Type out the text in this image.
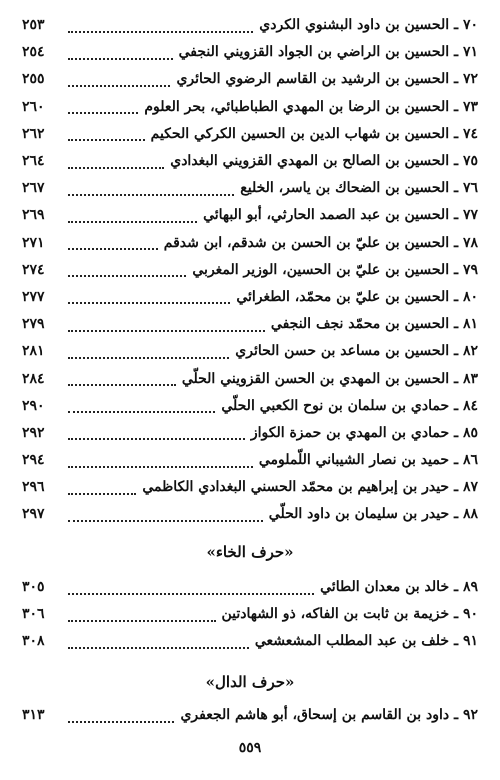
٧٠ ـ الحسين بن داود البشنوي الكردي
٢٥٣
٧١ ـ الحسين بن الراضي بن الجواد القزويني النجفي
٢٥٤
٧٢ ـ الحسين بن الرشيد بن القاسم الرضوي الحائري
٢٥٥
٧٣ ـ الحسين بن الرضا بن المهدي الطباطبائي، بحر العلوم
٢٦٠
٧٤ ـ الحسين بن شهاب الدين بن الحسين الكركي الحكيم
٢٦٢
٧٥ ـ الحسين بن الصالح بن المهدي القزويني البغدادي
٢٦٤
٧٦ ـ الحسين بن الضحاك بن ياسر، الخليع
٢٦٧
٧٧ ـ الحسين بن عبد الصمد الحارثي، أبو البهائي
٢٦٩
٧٨ ـ الحسين بن عليّ بن الحسن بن شدقم، ابن شدقم
٢٧١
٧٩ ـ الحسين بن عليّ بن الحسين، الوزير المغربي
٢٧٤
٨٠ ـ الحسين بن عليّ بن محمّد، الطغرائي
٢٧٧
٨١ ـ الحسين بن محمّد نجف النجفي
٢٧٩
٨٢ ـ الحسين بن مساعد بن حسن الحائري
٢٨١
٨٣ ـ الحسين بن المهدي بن الحسن القزويني الحلّي
٢٨٤
٨٤ ـ حمادي بن سلمان بن نوح الكعبي الحلّي
٢٩٠
٨٥ ـ حمادي بن المهدي بن حمزة الكواز
٢٩٢
٨٦ ـ حميد بن نصار الشيباني اللّملومي
٢٩٤
٨٧ ـ حيدر بن إبراهيم بن محمّد الحسني البغدادي الكاظمي
٢٩٦
٨٨ ـ حيدر بن سليمان بن داود الحلّي
٢٩٧
«حرف الخاء»
٨٩ ـ خالد بن معدان الطائي
٣٠٥
٩٠ ـ خزيمة بن ثابت بن الفاكه، ذو الشهادتين
٣٠٦
٩١ ـ خلف بن عبد المطلب المشعشعي
٣٠٨
«حرف الدال»
٩٢ ـ داود بن القاسم بن إسحاق، أبو هاشم الجعفري
٣١٣
٥٥٩
